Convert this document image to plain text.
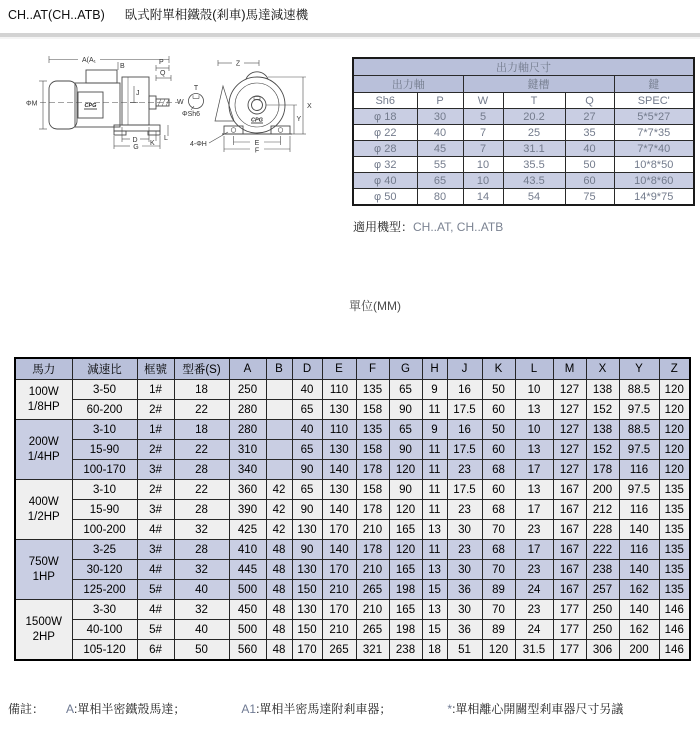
CH..AT(CH..ATB) 臥式附單相鐵殼(剎車)馬達減速機
A(A₁
B
P
Q
ΦM
J
D
G
K
L
Z
X
Y
E
F
W
T
ΦSh6
4-ΦH
CPG
CPG
出力軸尺寸					
出力軸		鍵槽			鍵
Sh6	P	W	T	Q	SPEC'
φ 18	30	5	20.2	27	5*5*27
φ 22	40	7	25	35	7*7*35
φ 28	45	7	31.1	40	7*7*40
φ 32	55	10	35.5	50	10*8*50
φ 40	65	10	43.5	60	10*8*60
φ 50	80	14	54	75	14*9*75
適用機型：CH..AT, CH..ATB
單位(MM)
馬力	減速比	框號	型番(S)	A	B	D	E	F	G	H	J	K	L	M	X	Y	Z

100W
1/8HP	3-50	1#	18	250		40	110	135	65	9	16	50	10	127	138	88.5	120
	60-200	2#	22	280		65	130	158	90	11	17.5	60	13	127	152	97.5	120

200W
1/4HP	3-10	1#	18	280		40	110	135	65	9	16	50	10	127	138	88.5	120
	15-90	2#	22	310		65	130	158	90	11	17.5	60	13	127	152	97.5	120
	100-170	3#	28	340		90	140	178	120	11	23	68	17	127	178	116	120

400W
1/2HP	3-10	2#	22	360	42	65	130	158	90	11	17.5	60	13	167	200	97.5	135
	15-90	3#	28	390	42	90	140	178	120	11	23	68	17	167	212	116	135
	100-200	4#	32	425	42	130	170	210	165	13	30	70	23	167	228	140	135

750W
1HP	3-25	3#	28	410	48	90	140	178	120	11	23	68	17	167	222	116	135
	30-120	4#	32	445	48	130	170	210	165	13	30	70	23	167	238	140	135
	125-200	5#	40	500	48	150	210	265	198	15	36	89	24	167	257	162	135

1500W
2HP	3-30	4#	32	450	48	130	170	210	165	13	30	70	23	177	250	140	146
	40-100	5#	40	500	48	150	210	265	198	15	36	89	24	177	250	162	146
	105-120	6#	50	560	48	170	265	321	238	18	51	120	31.5	177	306	200	146
備註： A:單相半密鐵殼馬達；	A1:單相半密馬達附剎車器；	*:單相離心開關型剎車器尺寸另議
